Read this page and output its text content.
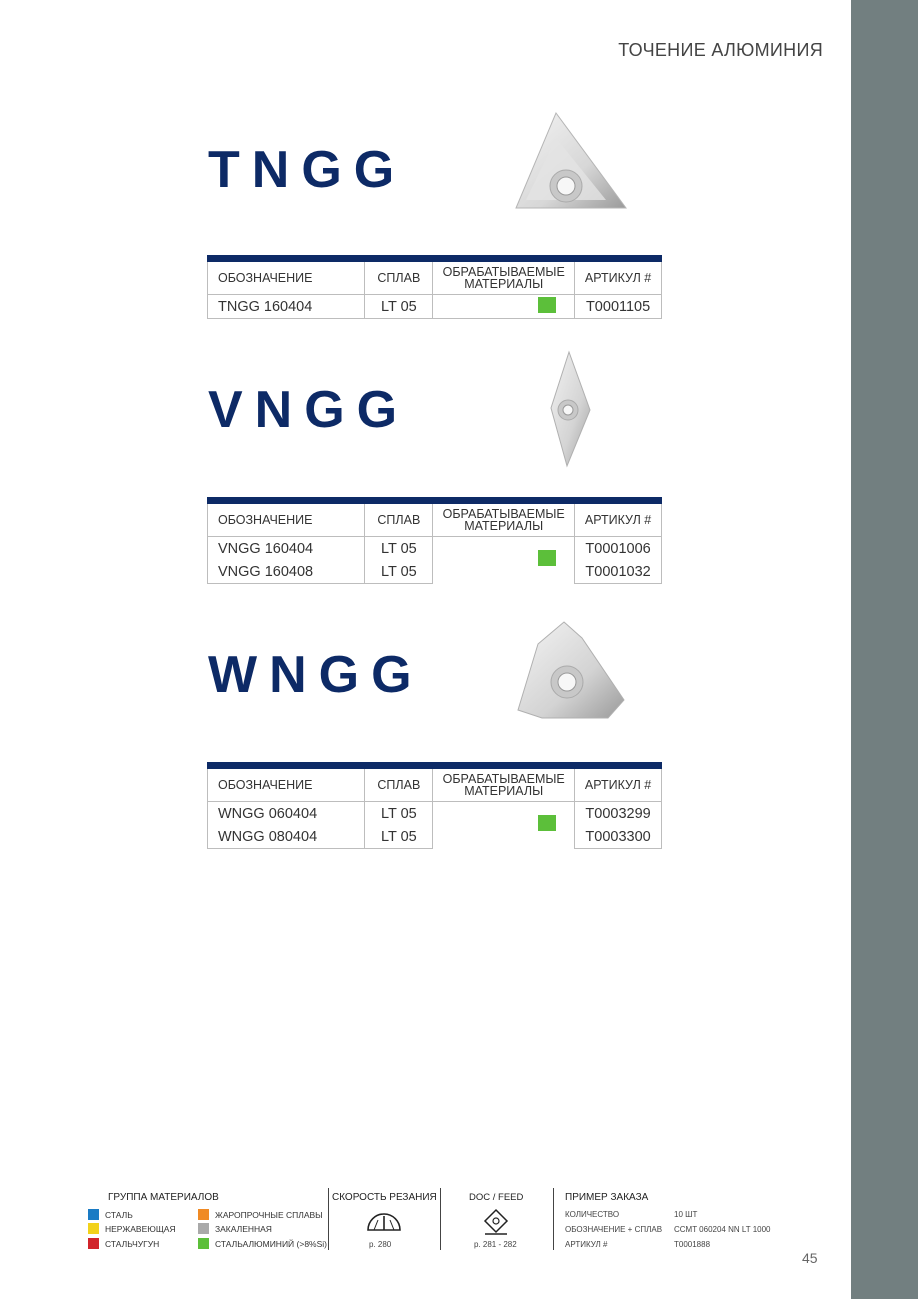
ТОЧЕНИЕ АЛЮМИНИЯ
TNGG
ОБОЗНАЧЕНИЕ	СПЛАВ	ОБРАБАТЫВАЕМЫЕ МАТЕРИАЛЫ	АРТИКУЛ #
TNGG 160404	LT 05		T0001105
VNGG
ОБОЗНАЧЕНИЕ	СПЛАВ	ОБРАБАТЫВАЕМЫЕ МАТЕРИАЛЫ	АРТИКУЛ #
VNGG 160404	LT 05		T0001006
VNGG 160408	LT 05		T0001032
WNGG
ОБОЗНАЧЕНИЕ	СПЛАВ	ОБРАБАТЫВАЕМЫЕ МАТЕРИАЛЫ	АРТИКУЛ #
WNGG 060404	LT 05		T0003299
WNGG 080404	LT 05		T0003300
ГРУППА МАТЕРИАЛОВ
СТАЛЬ
НЕРЖАВЕЮЩАЯ
СТАЛЬЧУГУН
ЖАРОПРОЧНЫЕ СПЛАВЫ
ЗАКАЛЕННАЯ
СТАЛЬАЛЮМИНИЙ (>8%Si)
СКОРОСТЬ РЕЗАНИЯ
p. 280
DOC / FEED
p. 281 - 282
ПРИМЕР ЗАКАЗА
КОЛИЧЕСТВО	10 ШТ
ОБОЗНАЧЕНИЕ + СПЛАВ CCMT 060204 NN LT 1000
АРТИКУЛ #	T0001888
45
